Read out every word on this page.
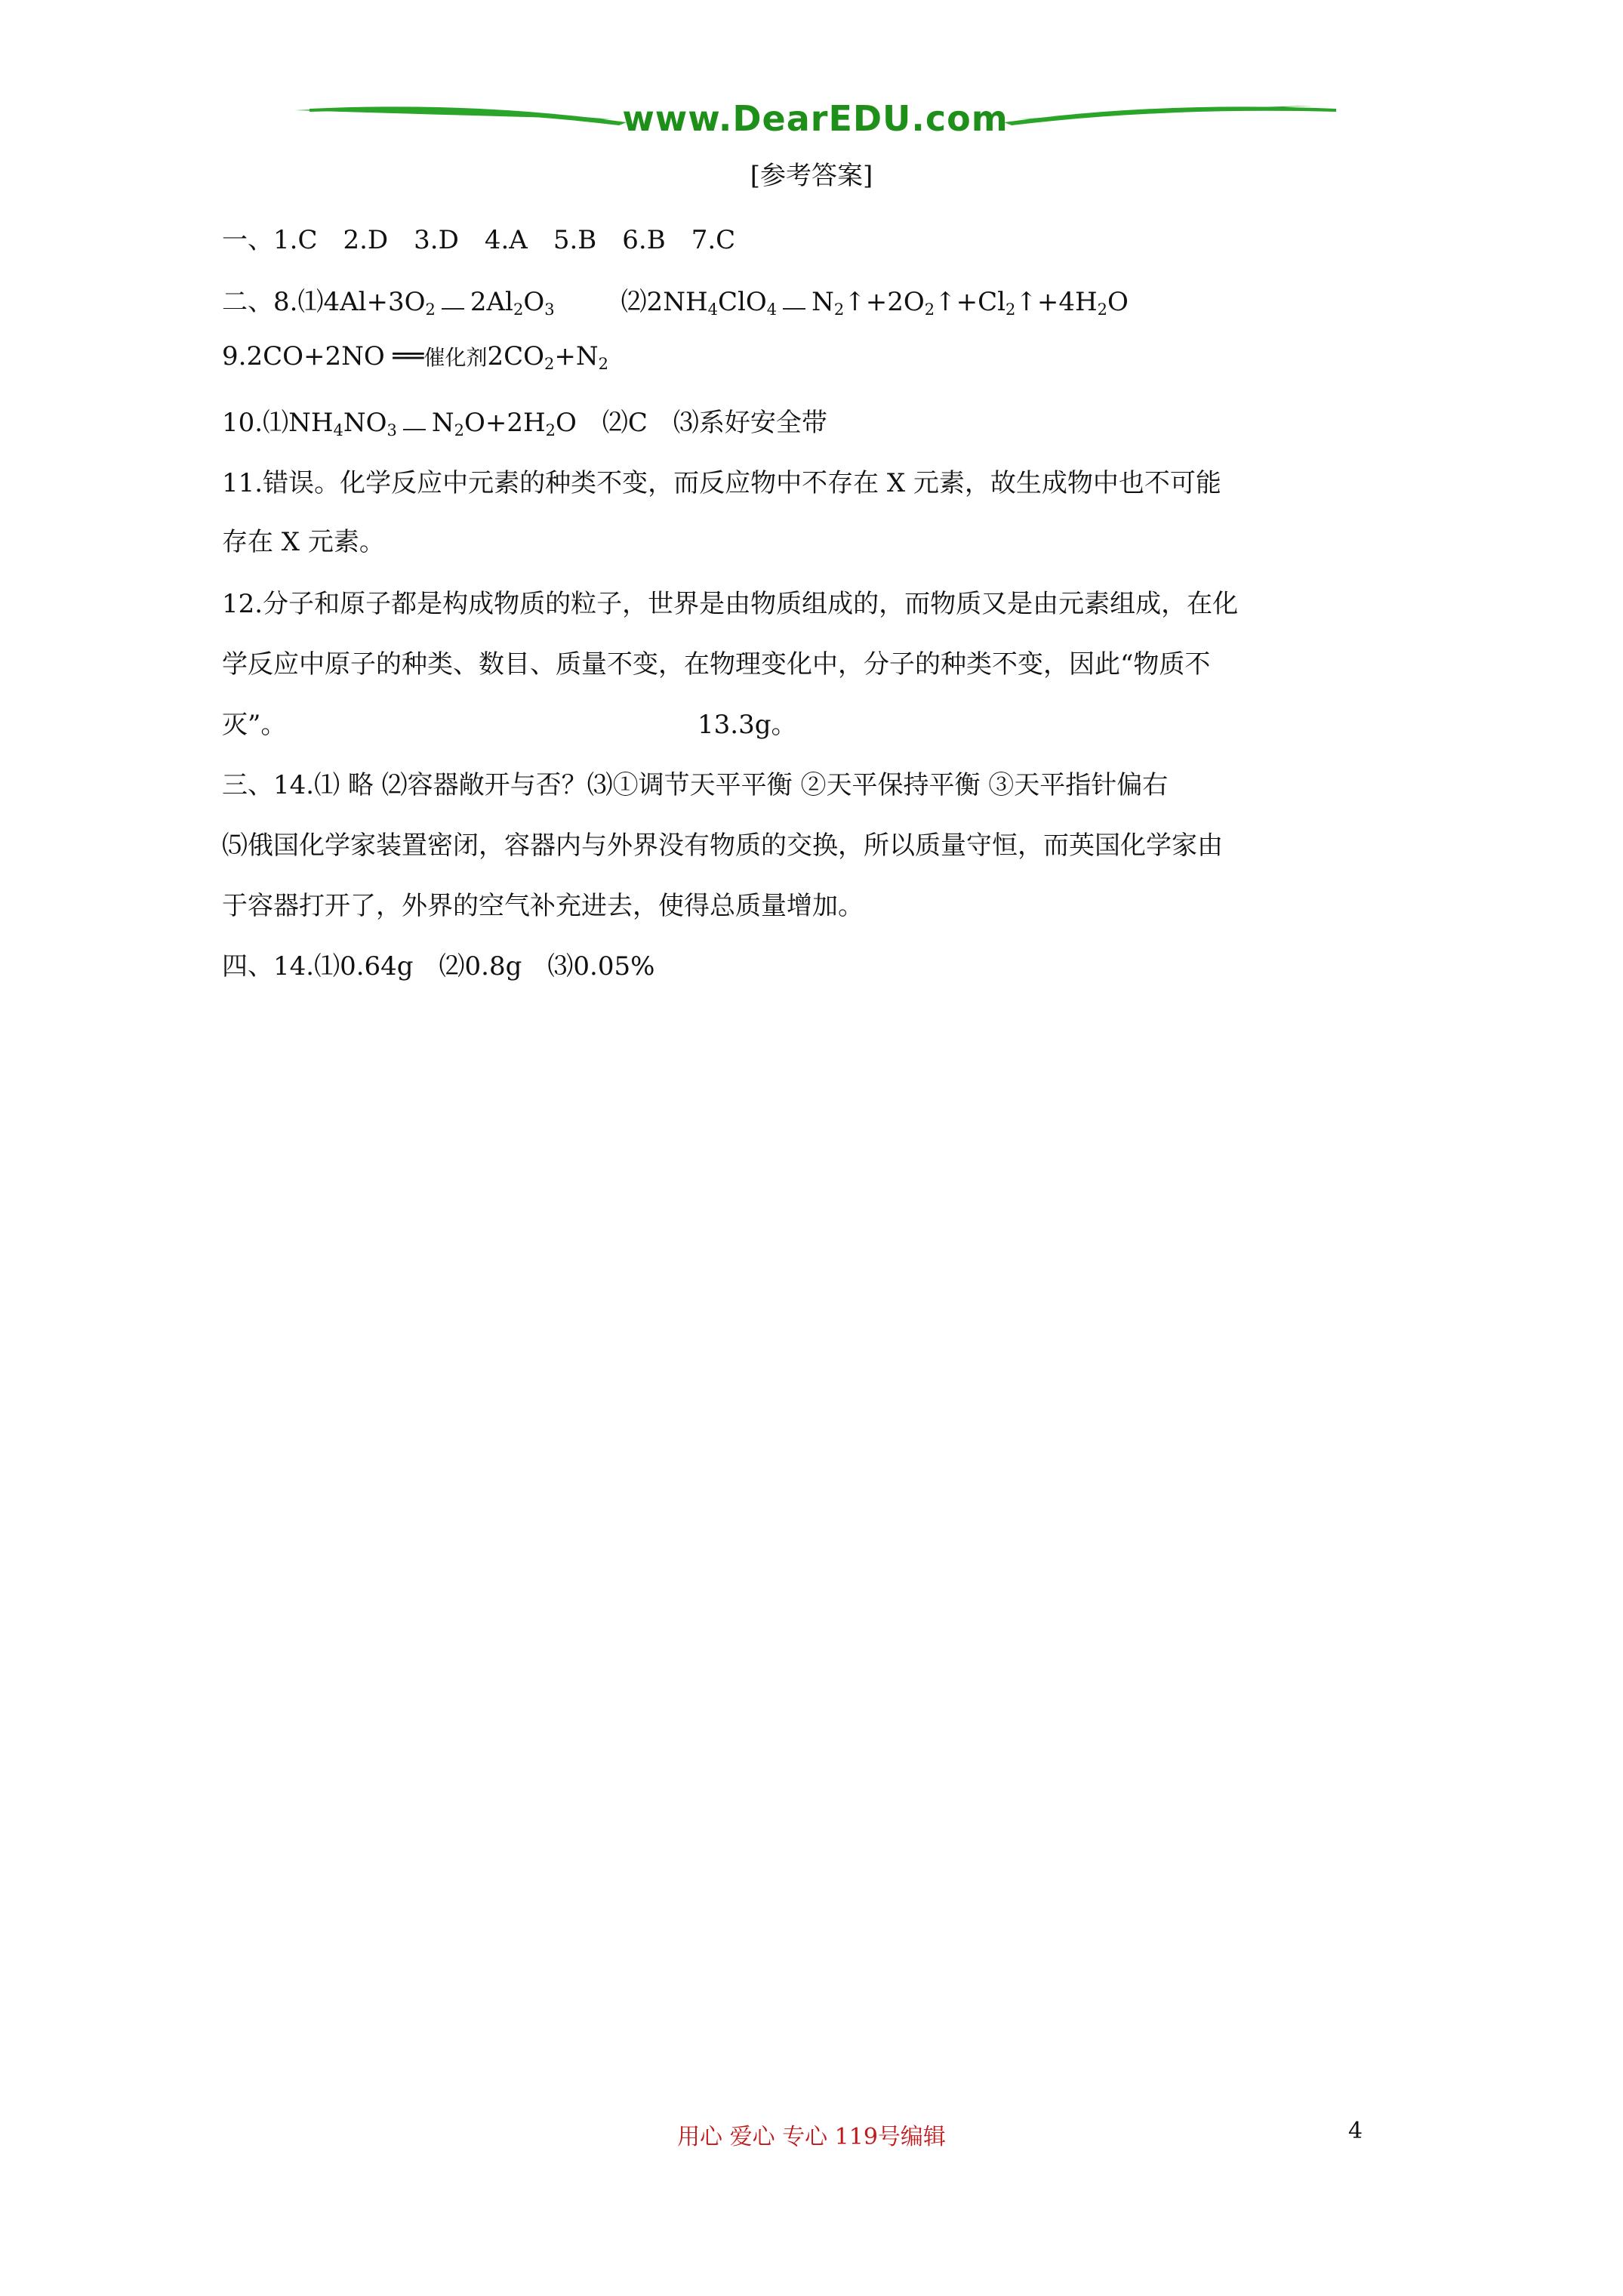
www.DearEDU.com
[参考答案]
一、1.C　2.D　3.D　4.A　5.B　6.B　7.C
二、$8.⑴4Al+3O_2$ $2Al_2O_3$	$⑵2NH_4ClO_4$ $N_2↑+2O_2↑+Cl_2↑+4H_2O$
9.2CO+2NO ══催化剂$2CO_2+N_2$
$10.⑴NH_4NO_3$ $N_2O+2H_2O$　⑵C　⑶系好安全带
11.错误。化学反应中元素的种类不变，而反应物中不存在 X 元素，故生成物中也不可能
存在 X 元素。
12.分子和原子都是构成物质的粒子，世界是由物质组成的，而物质又是由元素组成，在化
学反应中原子的种类、数目、质量不变，在物理变化中，分子的种类不变，因此“物质不
灭”。	13.3g。
三、14.⑴ 略 ⑵容器敞开与否？⑶①调节天平平衡 ②天平保持平衡 ③天平指针偏右
⑸俄国化学家装置密闭，容器内与外界没有物质的交换，所以质量守恒，而英国化学家由
于容器打开了，外界的空气补充进去，使得总质量增加。
四、14.⑴0.64g　⑵0.8g　⑶0.05%
用心 爱心 专心 119号编辑	4
